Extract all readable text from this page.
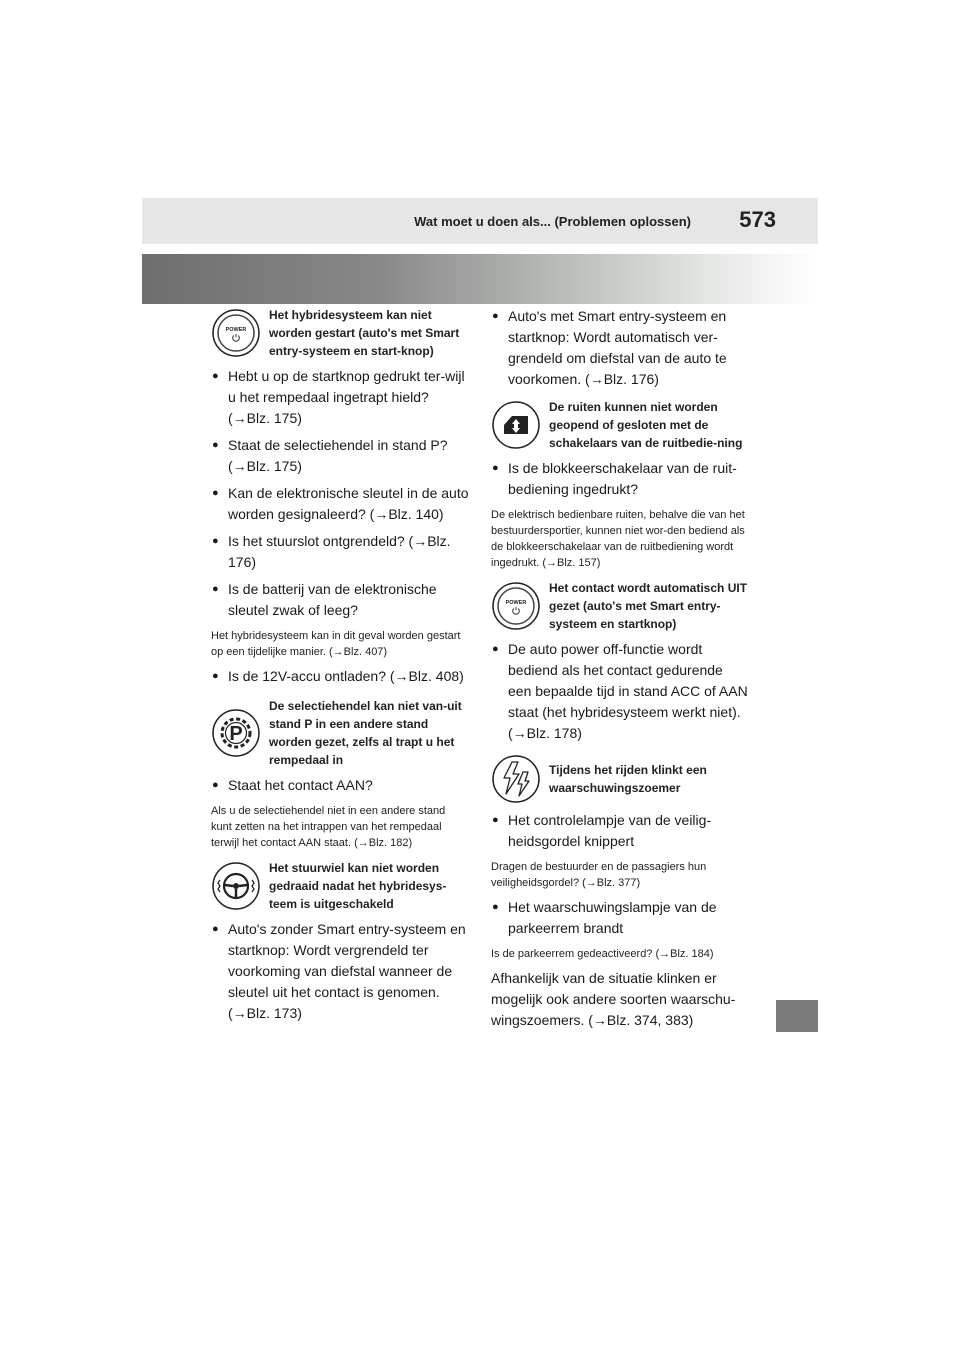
Wat moet u doen als... (Problemen oplossen) 573
POWER
Het hybridesysteem kan niet worden gestart (auto's met Smart entry-systeem en start-knop)
● Hebt u op de startknop gedrukt ter-wijl u het rempedaal ingetrapt hield? (→Blz. 175)
● Staat de selectiehendel in stand P? (→Blz. 175)
● Kan de elektronische sleutel in de auto worden gesignaleerd? (→Blz. 140)
● Is het stuurslot ontgrendeld? (→Blz. 176)
● Is de batterij van de elektronische sleutel zwak of leeg?
Het hybridesysteem kan in dit geval worden gestart op een tijdelijke manier. (→Blz. 407)
● Is de 12V-accu ontladen? (→Blz. 408)
P
De selectiehendel kan niet van-uit stand P in een andere stand worden gezet, zelfs al trapt u het rempedaal in
● Staat het contact AAN?
Als u de selectiehendel niet in een andere stand kunt zetten na het intrappen van het rempedaal terwijl het contact AAN staat. (→Blz. 182)
Het stuurwiel kan niet worden gedraaid nadat het hybridesys-teem is uitgeschakeld
● Auto's zonder Smart entry-systeem en startknop: Wordt vergrendeld ter voorkoming van diefstal wanneer de sleutel uit het contact is genomen. (→Blz. 173)
● Auto's met Smart entry-systeem en startknop: Wordt automatisch ver-grendeld om diefstal van de auto te voorkomen. (→Blz. 176)
De ruiten kunnen niet worden geopend of gesloten met de schakelaars van de ruitbedie-ning
● Is de blokkeerschakelaar van de ruit-bediening ingedrukt?
De elektrisch bedienbare ruiten, behalve die van het bestuurdersportier, kunnen niet wor-den bediend als de blokkeerschakelaar van de ruitbediening wordt ingedrukt. (→Blz. 157)
POWER
Het contact wordt automatisch UIT gezet (auto's met Smart entry-systeem en startknop)
● De auto power off-functie wordt bediend als het contact gedurende een bepaalde tijd in stand ACC of AAN staat (het hybridesysteem werkt niet). (→Blz. 178)
Tijdens het rijden klinkt een waarschuwingszoemer
● Het controlelampje van de veilig-heidsgordel knippert
Dragen de bestuurder en de passagiers hun veiligheidsgordel? (→Blz. 377)
● Het waarschuwingslampje van de parkeerrem brandt
Is de parkeerrem gedeactiveerd? (→Blz. 184)
Afhankelijk van de situatie klinken er mogelijk ook andere soorten waarschu-wingszoemers. (→Blz. 374, 383)
